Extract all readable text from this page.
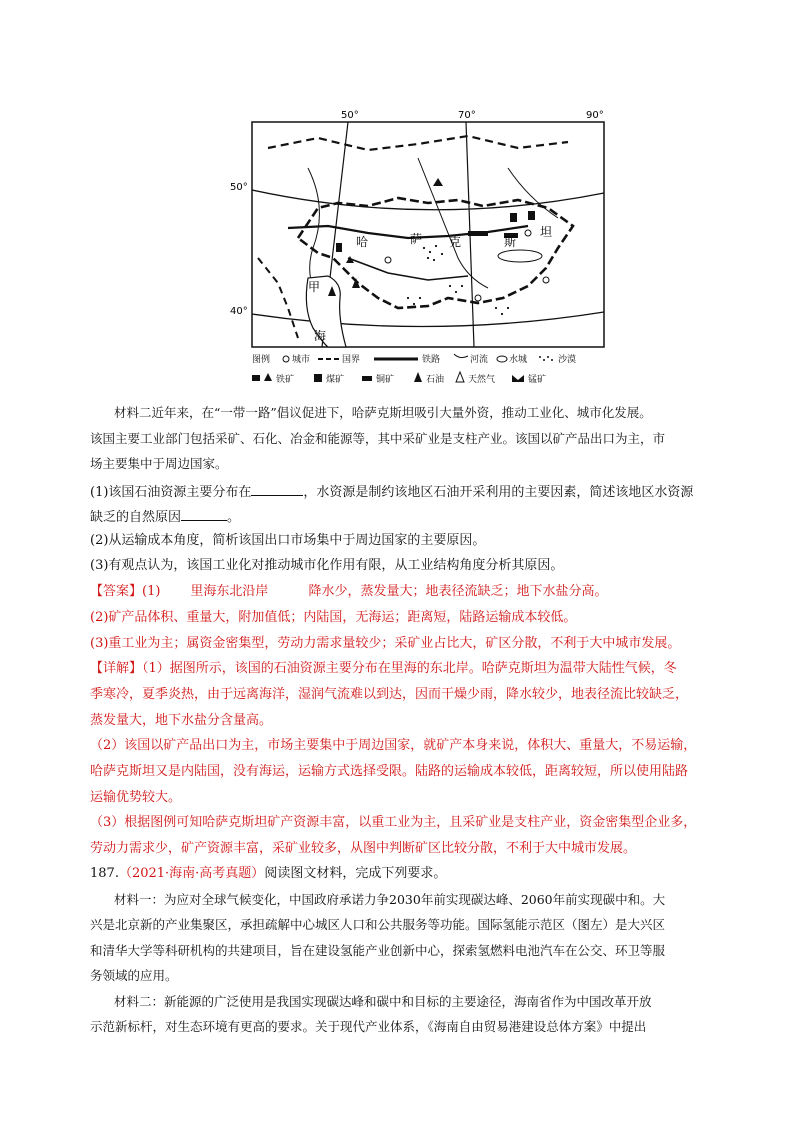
50°	70°	90°
50°
40°
哈	萨 克	斯
坦
甲
海
图例 城市	国界	铁路	河流 水城	沙漠
铁矿	煤矿	铜矿	石油	天然气	锰矿
材料二近年来，在“一带一路”倡议促进下，哈萨克斯坦吸引大量外资，推动工业化、城市化发展。
该国主要工业部门包括采矿、石化、冶金和能源等，其中采矿业是支柱产业。该国以矿产品出口为主，市
场主要集中于周边国家。
(1)该国石油资源主要分布在	，水资源是制约该地区石油开采利用的主要因素，简述该地区水资源
缺乏的自然原因	。
(2)从运输成本角度，简析该国出口市场集中于周边国家的主要原因。
(3)有观点认为，该国工业化对推动城市化作用有限，从工业结构角度分析其原因。
【答案】(1) 里海东北沿岸	降水少，蒸发量大；地表径流缺乏；地下水盐分高。
(2)矿产品体积、重量大，附加值低；内陆国，无海运；距离短，陆路运输成本较低。
(3)重工业为主；属资金密集型，劳动力需求量较少；采矿业占比大，矿区分散，不利于大中城市发展。
【详解】（1）据图所示，该国的石油资源主要分布在里海的东北岸。哈萨克斯坦为温带大陆性气候，冬
季寒冷，夏季炎热，由于远离海洋，湿润气流难以到达，因而干燥少雨，降水较少，地表径流比较缺乏，
蒸发量大，地下水盐分含量高。
（2）该国以矿产品出口为主，市场主要集中于周边国家，就矿产本身来说，体积大、重量大，不易运输，
哈萨克斯坦又是内陆国，没有海运，运输方式选择受限。陆路的运输成本较低，距离较短，所以使用陆路
运输优势较大。
（3）根据图例可知哈萨克斯坦矿产资源丰富，以重工业为主，且采矿业是支柱产业，资金密集型企业多，
劳动力需求少，矿产资源丰富，采矿业较多，从图中判断矿区比较分散，不利于大中城市发展。
187.（2021·海南·高考真题）阅读图文材料，完成下列要求。
材料一：为应对全球气候变化，中国政府承诺力争2030年前实现碳达峰、2060年前实现碳中和。大
兴是北京新的产业集聚区，承担疏解中心城区人口和公共服务等功能。国际氢能示范区（图左）是大兴区
和清华大学等科研机构的共建项目，旨在建设氢能产业创新中心，探索氢燃料电池汽车在公交、环卫等服
务领域的应用。
材料二：新能源的广泛使用是我国实现碳达峰和碳中和目标的主要途径，海南省作为中国改革开放
示范新标杆，对生态环境有更高的要求。关于现代产业体系，《海南自由贸易港建设总体方案》中提出
